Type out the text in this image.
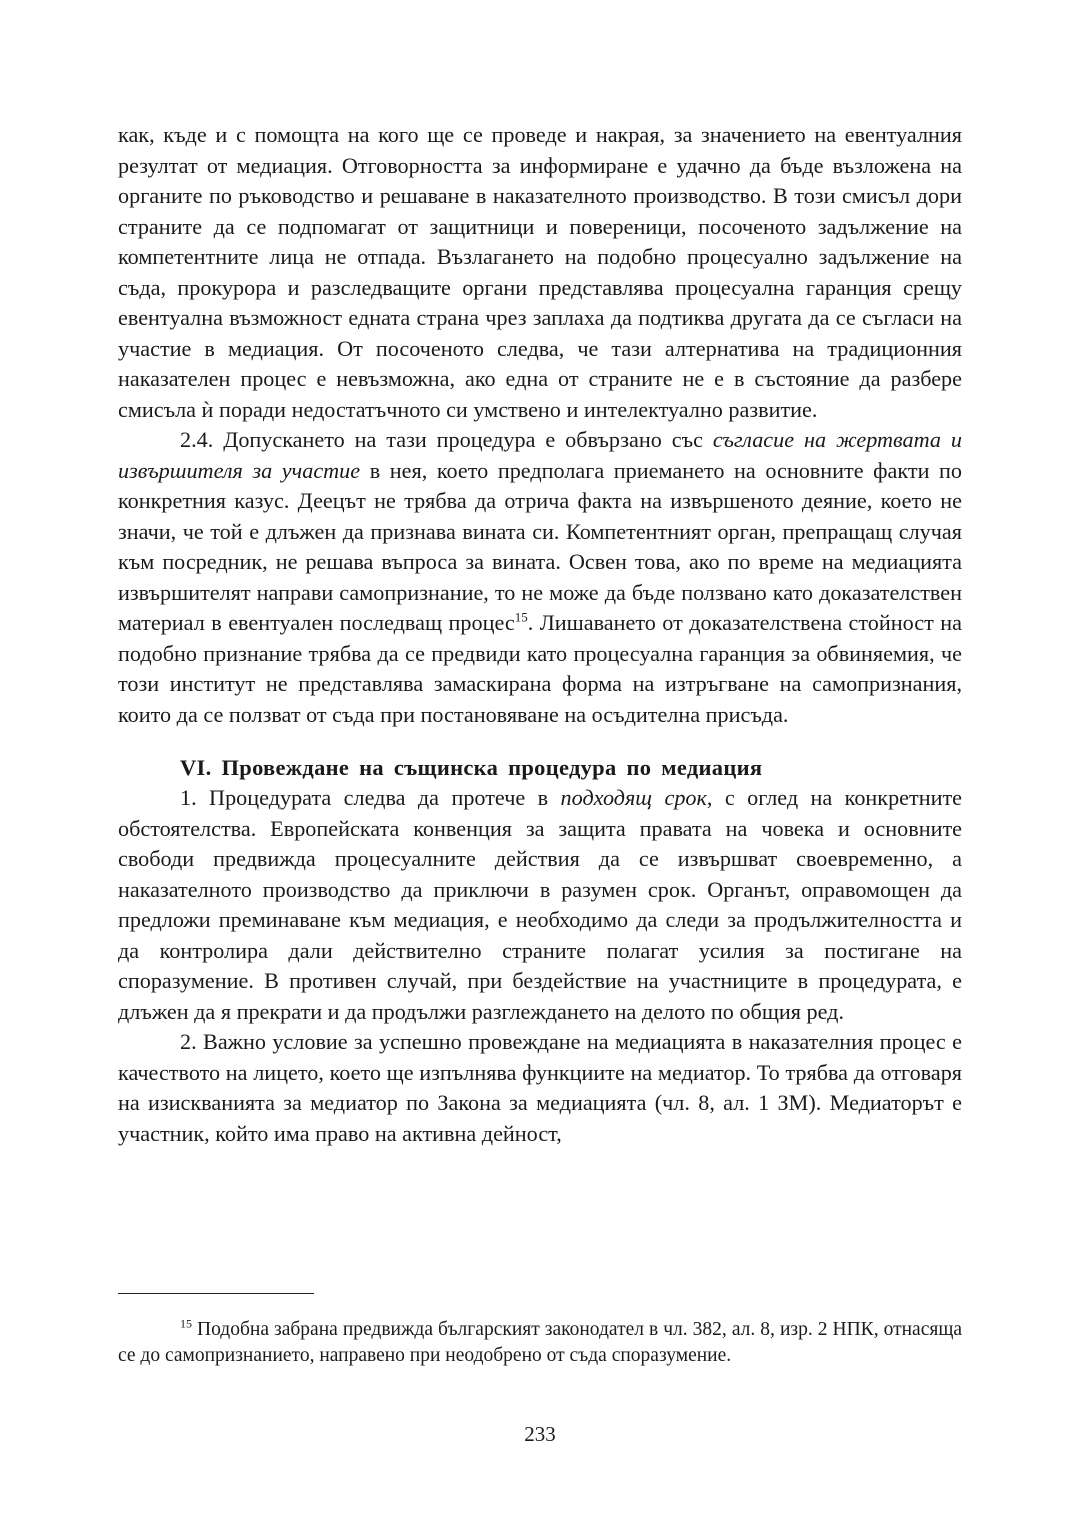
как, къде и с помощта на кого ще се проведе и накрая, за значението на евентуалния резултат от медиация. Отговорността за информиране е удачно да бъде възложена на органите по ръководство и решаване в наказателното производство. В този смисъл дори страните да се подпомагат от защитници и повереници, посоченото задължение на компетентните лица не отпада. Възлагането на подобно процесуално задължение на съда, прокурора и разследващите органи представлява процесуална гаранция срещу евентуална възможност едната страна чрез заплаха да подтиква другата да се съгласи на участие в медиация. От посоченото следва, че тази алтернатива на традиционния наказателен процес е невъзможна, ако една от страните не е в състояние да разбере смисъла ѝ поради недостатъчното си умствено и интелектуално развитие.

2.4. Допускането на тази процедура е обвързано със съгласие на жертвата и извършителя за участие в нея, което предполага приемането на основните факти по конкретния казус. Деецът не трябва да отрича факта на извършеното деяние, което не значи, че той е длъжен да признава вината си. Компетентният орган, препращащ случая към посредник, не решава въпроса за вината. Освен това, ако по време на медиацията извършителят направи самопризнание, то не може да бъде ползвано като доказателствен материал в евентуален последващ процес$^{15}$. Лишаването от доказателствена стойност на подобно признание трябва да се предвиди като процесуална гаранция за обвиняемия, че този институт не представлява замаскирана форма на изтръгване на самопризнания, които да се ползват от съда при постановяване на осъдителна присъда.

VI. Провеждане на същинска процедура по медиация

1. Процедурата следва да протече в подходящ срок, с оглед на конкретните обстоятелства. Европейската конвенция за защита правата на човека и основните свободи предвижда процесуалните действия да се извършват своевременно, а наказателното производство да приключи в разумен срок. Органът, оправомощен да предложи преминаване към медиация, е необходимо да следи за продължителността и да контролира дали действително страните полагат усилия за постигане на споразумение. В противен случай, при бездействие на участниците в процедурата, е длъжен да я прекрати и да продължи разглеждането на делото по общия ред.

2. Важно условие за успешно провеждане на медиацията в наказателния процес е качеството на лицето, което ще изпълнява функциите на медиатор. То трябва да отговаря на изискванията за медиатор по Закона за медиацията (чл. 8, ал. 1 ЗМ). Медиаторът е участник, който има право на активна дейност,

$^{15}$ Подобна забрана предвижда българският законодател в чл. 382, ал. 8, изр. 2 НПК, отнасяща се до самопризнанието, направено при неодобрено от съда споразумение.

233
